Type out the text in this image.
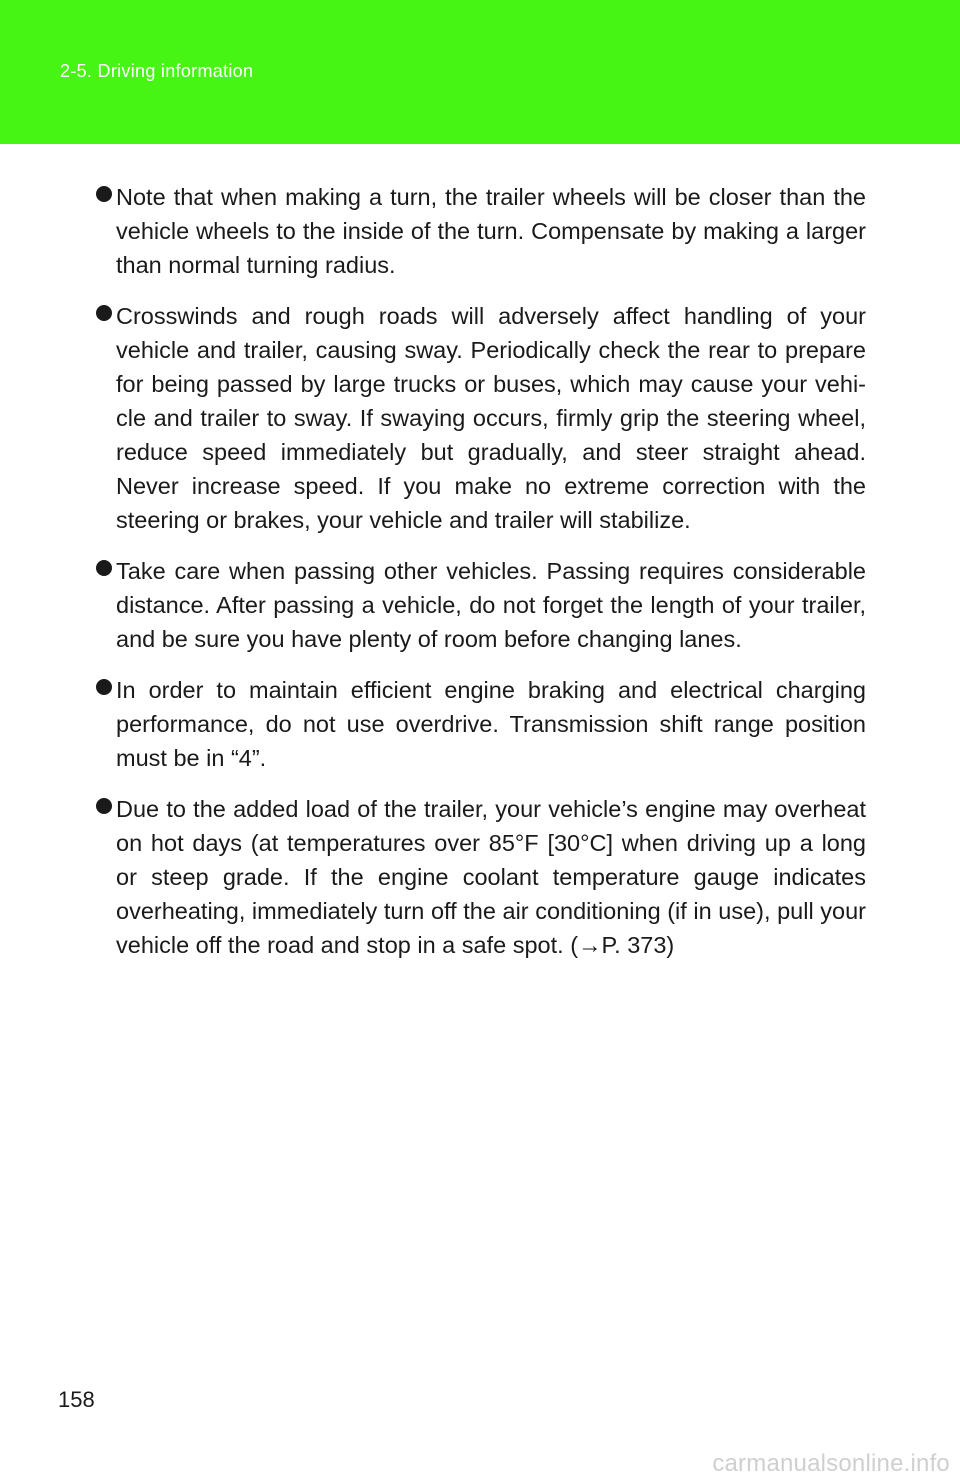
2-5. Driving information
Note that when making a turn, the trailer wheels will be closer than the vehicle wheels to the inside of the turn. Compensate by making a larger than normal turning radius.
Crosswinds and rough roads will adversely affect handling of your vehicle and trailer, causing sway. Periodically check the rear to prepare for being passed by large trucks or buses, which may cause your vehi-cle and trailer to sway. If swaying occurs, firmly grip the steering wheel, reduce speed immediately but gradually, and steer straight ahead. Never increase speed. If you make no extreme correction with the steering or brakes, your vehicle and trailer will stabilize.
Take care when passing other vehicles. Passing requires considerable distance. After passing a vehicle, do not forget the length of your trailer, and be sure you have plenty of room before changing lanes.
In order to maintain efficient engine braking and electrical charging performance, do not use overdrive. Transmission shift range position must be in “4”.
Due to the added load of the trailer, your vehicle’s engine may overheat on hot days (at temperatures over 85°F [30°C] when driving up a long or steep grade. If the engine coolant temperature gauge indicates overheating, immediately turn off the air conditioning (if in use), pull your vehicle off the road and stop in a safe spot. (→P. 373)
158
carmanualsonline.info
